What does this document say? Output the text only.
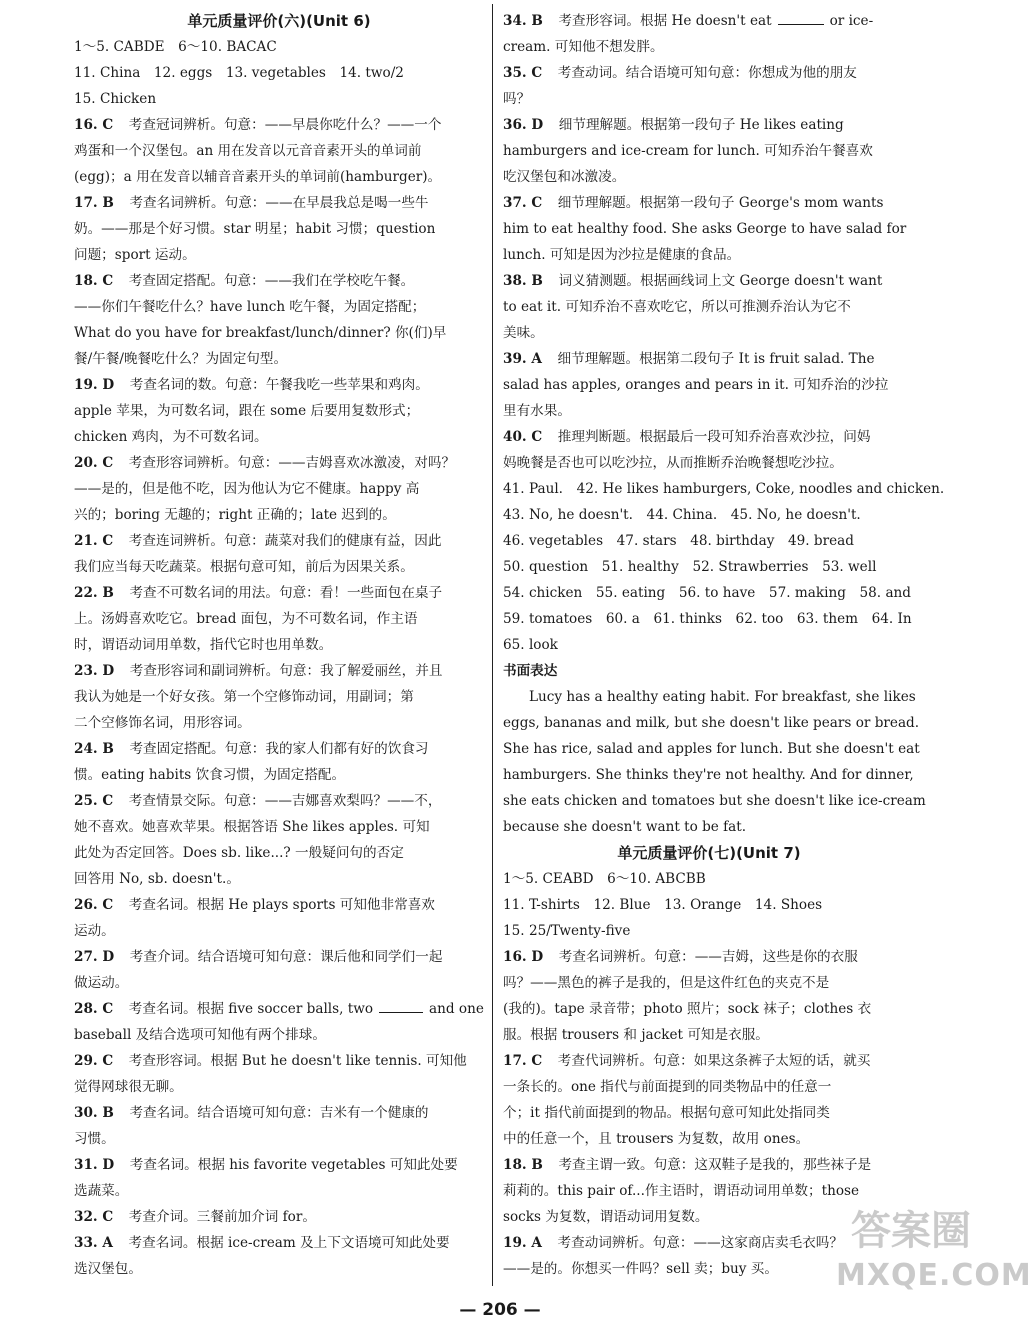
单元质量评价(六)(Unit 6)
1～5. CABDE　6～10. BACAC
11. China　12. eggs　13. vegetables　14. two/2
15. Chicken
16. C　考查冠词辨析。句意：——早晨你吃什么？——一个
鸡蛋和一个汉堡包。an 用在发音以元音音素开头的单词前
(egg)；a 用在发音以辅音音素开头的单词前(hamburger)。
17. B　考查名词辨析。句意：——在早晨我总是喝一些牛
奶。——那是个好习惯。star 明星；habit 习惯；question
问题；sport 运动。
18. C　考查固定搭配。句意：——我们在学校吃午餐。
——你们午餐吃什么？have lunch 吃午餐，为固定搭配；
What do you have for breakfast/lunch/dinner? 你(们)早
餐/午餐/晚餐吃什么？为固定句型。
19. D　考查名词的数。句意：午餐我吃一些苹果和鸡肉。
apple 苹果，为可数名词，跟在 some 后要用复数形式；
chicken 鸡肉，为不可数名词。
20. C　考查形容词辨析。句意：——吉姆喜欢冰激凌，对吗？
——是的，但是他不吃，因为他认为它不健康。happy 高
兴的；boring 无趣的；right 正确的；late 迟到的。
21. C　考查连词辨析。句意：蔬菜对我们的健康有益，因此
我们应当每天吃蔬菜。根据句意可知，前后为因果关系。
22. B　考查不可数名词的用法。句意：看！一些面包在桌子
上。汤姆喜欢吃它。bread 面包，为不可数名词，作主语
时，谓语动词用单数，指代它时也用单数。
23. D　考查形容词和副词辨析。句意：我了解爱丽丝，并且
我认为她是一个好女孩。第一个空修饰动词，用副词；第
二个空修饰名词，用形容词。
24. B　考查固定搭配。句意：我的家人们都有好的饮食习
惯。eating habits 饮食习惯，为固定搭配。
25. C　考查情景交际。句意：——吉娜喜欢梨吗？——不，
她不喜欢。她喜欢苹果。根据答语 She likes apples. 可知
此处为否定回答。Does sb. like...? 一般疑问句的否定
回答用 No, sb. doesn't.。
26. C　考查名词。根据 He plays sports 可知他非常喜欢
运动。
27. D　考查介词。结合语境可知句意：课后他和同学们一起
做运动。
28. C　考查名词。根据 five soccer balls, two	and one
baseball 及结合选项可知他有两个排球。
29. C　考查形容词。根据 But he doesn't like tennis. 可知他
觉得网球很无聊。
30. B　考查名词。结合语境可知句意：吉米有一个健康的
习惯。
31. D　考查名词。根据 his favorite vegetables 可知此处要
选蔬菜。
32. C　考查介词。三餐前加介词 for。
33. A　考查名词。根据 ice-cream 及上下文语境可知此处要
选汉堡包。
34. B　考查形容词。根据 He doesn't eat	or ice-
cream. 可知他不想发胖。
35. C　考查动词。结合语境可知句意：你想成为他的朋友
吗？
36. D　细节理解题。根据第一段句子 He likes eating
hamburgers and ice-cream for lunch. 可知乔治午餐喜欢
吃汉堡包和冰激凌。
37. C　细节理解题。根据第一段句子 George's mom wants
him to eat healthy food. She asks George to have salad for
lunch. 可知是因为沙拉是健康的食品。
38. B　词义猜测题。根据画线词上文 George doesn't want
to eat it. 可知乔治不喜欢吃它，所以可推测乔治认为它不
美味。
39. A　细节理解题。根据第二段句子 It is fruit salad. The
salad has apples, oranges and pears in it. 可知乔治的沙拉
里有水果。
40. C　推理判断题。根据最后一段可知乔治喜欢沙拉，问妈
妈晚餐是否也可以吃沙拉，从而推断乔治晚餐想吃沙拉。
41. Paul.　42. He likes hamburgers, Coke, noodles and chicken.
43. No, he doesn't.　44. China.　45. No, he doesn't.
46. vegetables　47. stars　48. birthday　49. bread
50. question　51. healthy　52. Strawberries　53. well
54. chicken　55. eating　56. to have　57. making　58. and
59. tomatoes　60. a　61. thinks　62. too　63. them　64. In
65. look
书面表达
Lucy has a healthy eating habit. For breakfast, she likes
eggs, bananas and milk, but she doesn't like pears or bread.
She has rice, salad and apples for lunch. But she doesn't eat
hamburgers. She thinks they're not healthy. And for dinner,
she eats chicken and tomatoes but she doesn't like ice-cream
because she doesn't want to be fat.
单元质量评价(七)(Unit 7)
1～5. CEABD　6～10. ABCBB
11. T-shirts　12. Blue　13. Orange　14. Shoes
15. 25/Twenty-five
16. D　考查名词辨析。句意：——吉姆，这些是你的衣服
吗？——黑色的裤子是我的，但是这件红色的夹克不是
(我的)。tape 录音带；photo 照片；sock 袜子；clothes 衣
服。根据 trousers 和 jacket 可知是衣服。
17. C　考查代词辨析。句意：如果这条裤子太短的话，就买
一条长的。one 指代与前面提到的同类物品中的任意一
个；it 指代前面提到的物品。根据句意可知此处指同类
中的任意一个，且 trousers 为复数，故用 ones。
18. B　考查主谓一致。句意：这双鞋子是我的，那些袜子是
莉莉的。this pair of...作主语时，谓语动词用单数；those
socks 为复数，谓语动词用复数。
19. A　考查动词辨析。句意：——这家商店卖毛衣吗？
——是的。你想买一件吗？sell 卖；buy 买。
— 206 —
答案圈
MXQE.COM
